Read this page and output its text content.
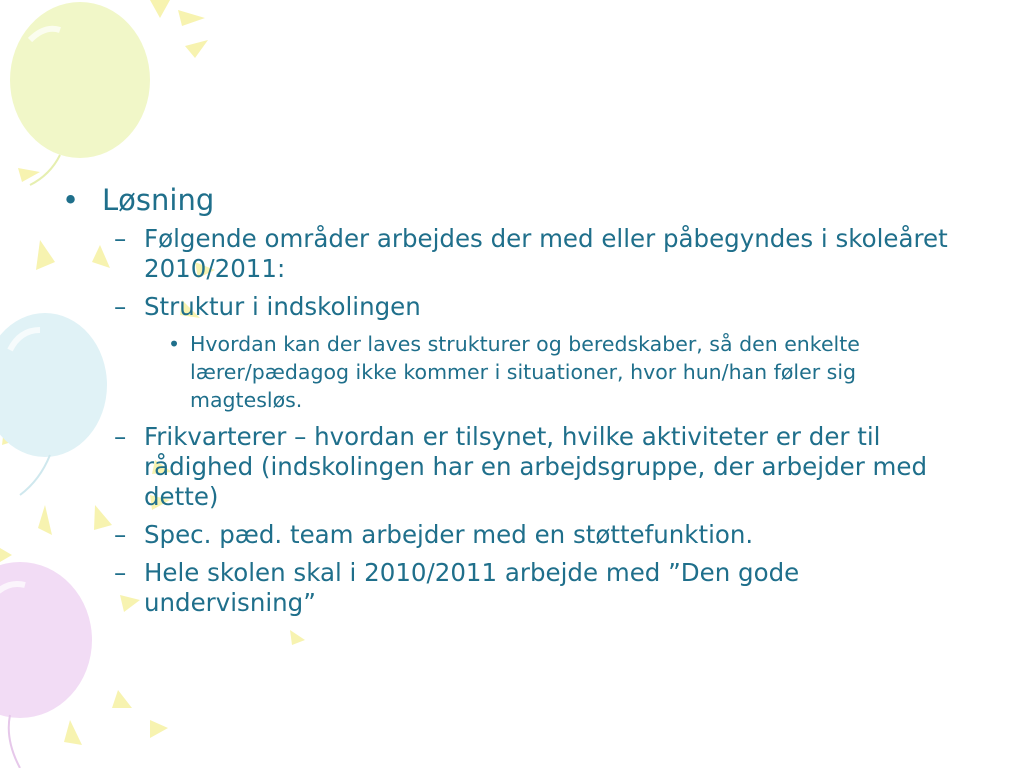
• Løsning
– Følgende områder arbejdes der med eller påbegyndes i skoleåret 2010/2011:
– Struktur i indskolingen
• Hvordan kan der laves strukturer og beredskaber, så den enkelte lærer/pædagog ikke kommer i situationer, hvor hun/han føler sig magtesløs.
– Frikvarterer – hvordan er tilsynet, hvilke aktiviteter er der til rådighed (indskolingen har en arbejdsgruppe, der arbejder med dette)
– Spec. pæd. team arbejder med en støttefunktion.
– Hele skolen skal i 2010/2011 arbejde med ”Den gode undervisning”
